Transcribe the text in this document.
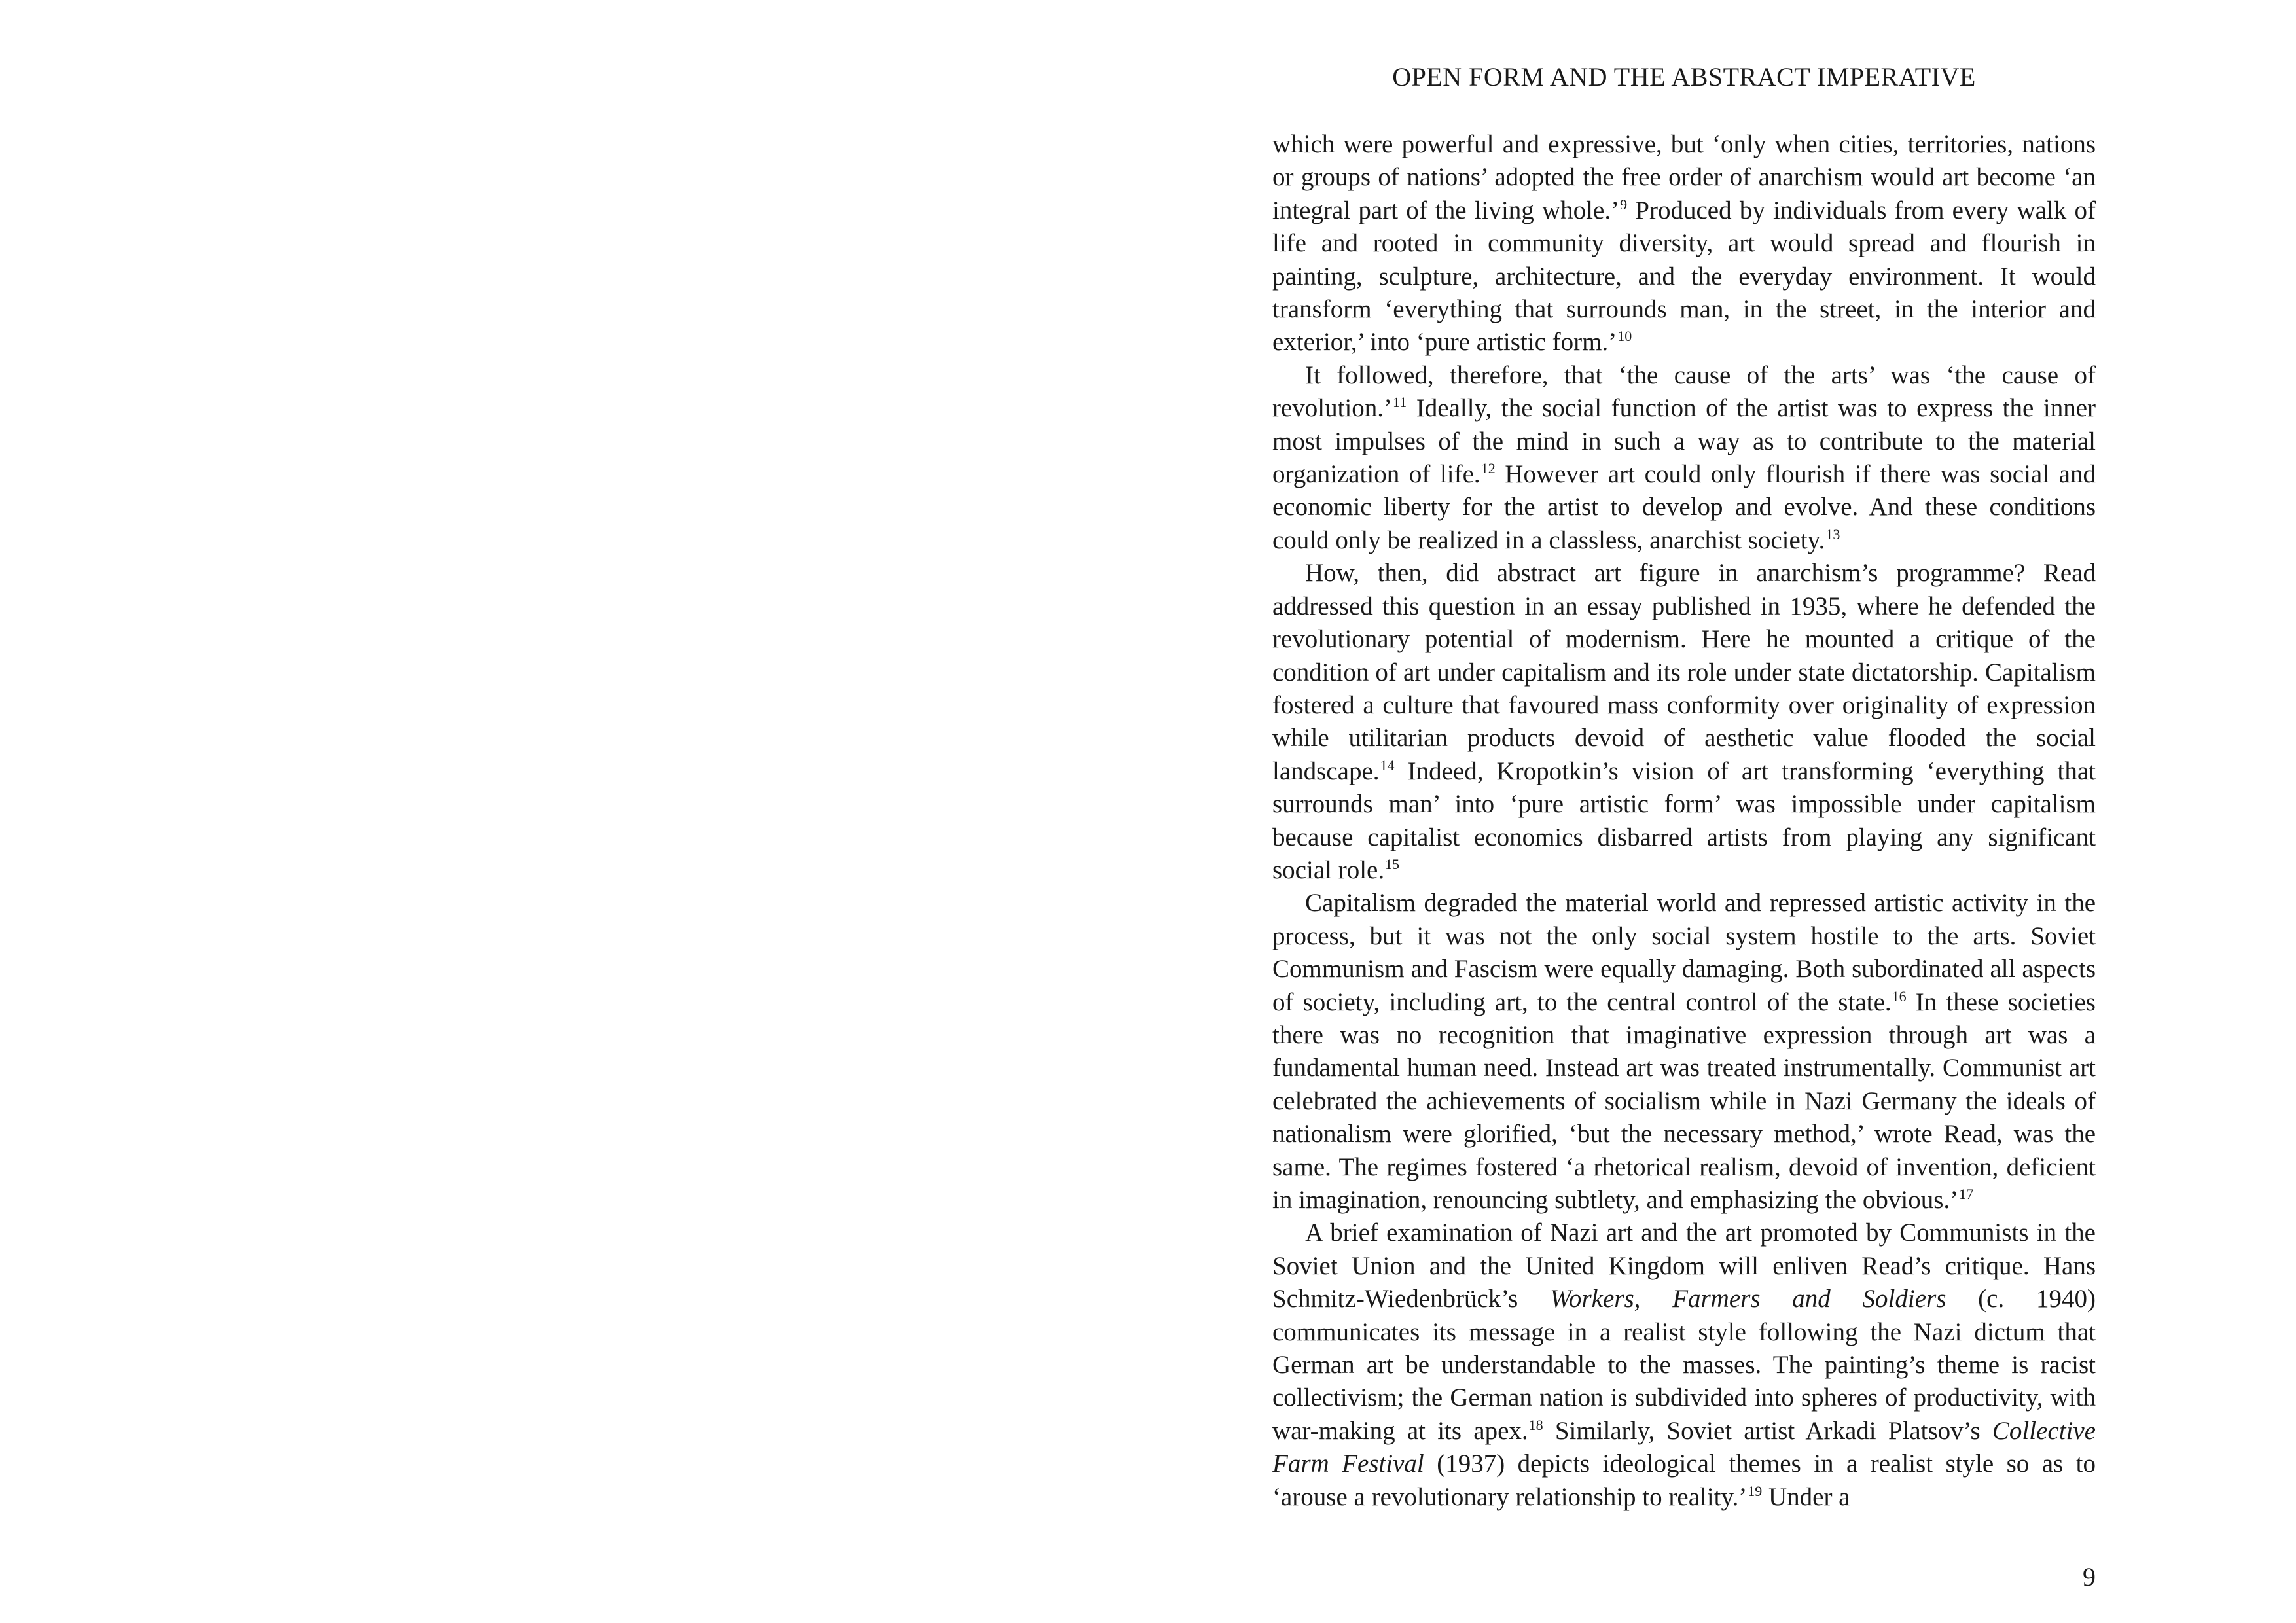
OPEN FORM AND THE ABSTRACT IMPERATIVE

which were powerful and expressive, but ‘only when cities, territories, nations or groups of nations’ adopted the free order of anarchism would art become ‘an integral part of the living whole.’$^9$ Produced by individuals from every walk of life and rooted in community diversity, art would spread and flourish in painting, sculpture, architecture, and the everyday environment. It would transform ‘everything that surrounds man, in the street, in the interior and exterior,’ into ‘pure artistic form.’$^{10}$

It followed, therefore, that ‘the cause of the arts’ was ‘the cause of revolution.’$^{11}$ Ideally, the social function of the artist was to express the inner most impulses of the mind in such a way as to contribute to the material organization of life.$^{12}$ However art could only flourish if there was social and economic liberty for the artist to develop and evolve. And these conditions could only be realized in a classless, anarchist society.$^{13}$

How, then, did abstract art figure in anarchism’s programme? Read addressed this question in an essay published in 1935, where he defended the revolutionary potential of modernism. Here he mounted a critique of the condition of art under capitalism and its role under state dictatorship. Capitalism fostered a culture that favoured mass conformity over originality of expression while utilitarian products devoid of aesthetic value flooded the social landscape.$^{14}$ Indeed, Kropotkin’s vision of art transforming ‘everything that surrounds man’ into ‘pure artistic form’ was impossible under capitalism because capitalist economics disbarred artists from playing any significant social role.$^{15}$

Capitalism degraded the material world and repressed artistic activity in the process, but it was not the only social system hostile to the arts. Soviet Communism and Fascism were equally damaging. Both subordinated all aspects of society, including art, to the central control of the state.$^{16}$ In these societies there was no recognition that imaginative expression through art was a fundamental human need. Instead art was treated instrumentally. Communist art celebrated the achievements of socialism while in Nazi Germany the ideals of nationalism were glorified, ‘but the necessary method,’ wrote Read, was the same. The regimes fostered ‘a rhetorical realism, devoid of invention, deficient in imagination, renouncing subtlety, and emphasizing the obvious.’$^{17}$

A brief examination of Nazi art and the art promoted by Communists in the Soviet Union and the United Kingdom will enliven Read’s critique. Hans Schmitz-Wiedenbrück’s Workers, Farmers and Soldiers (c. 1940) communicates its message in a realist style following the Nazi dictum that German art be understandable to the masses. The painting’s theme is racist collectivism; the German nation is subdivided into spheres of productivity, with war-making at its apex.$^{18}$ Similarly, Soviet artist Arkadi Platsov’s Collective Farm Festival (1937) depicts ideological themes in a realist style so as to ‘arouse a revolutionary relationship to reality.’$^{19}$ Under a

9
